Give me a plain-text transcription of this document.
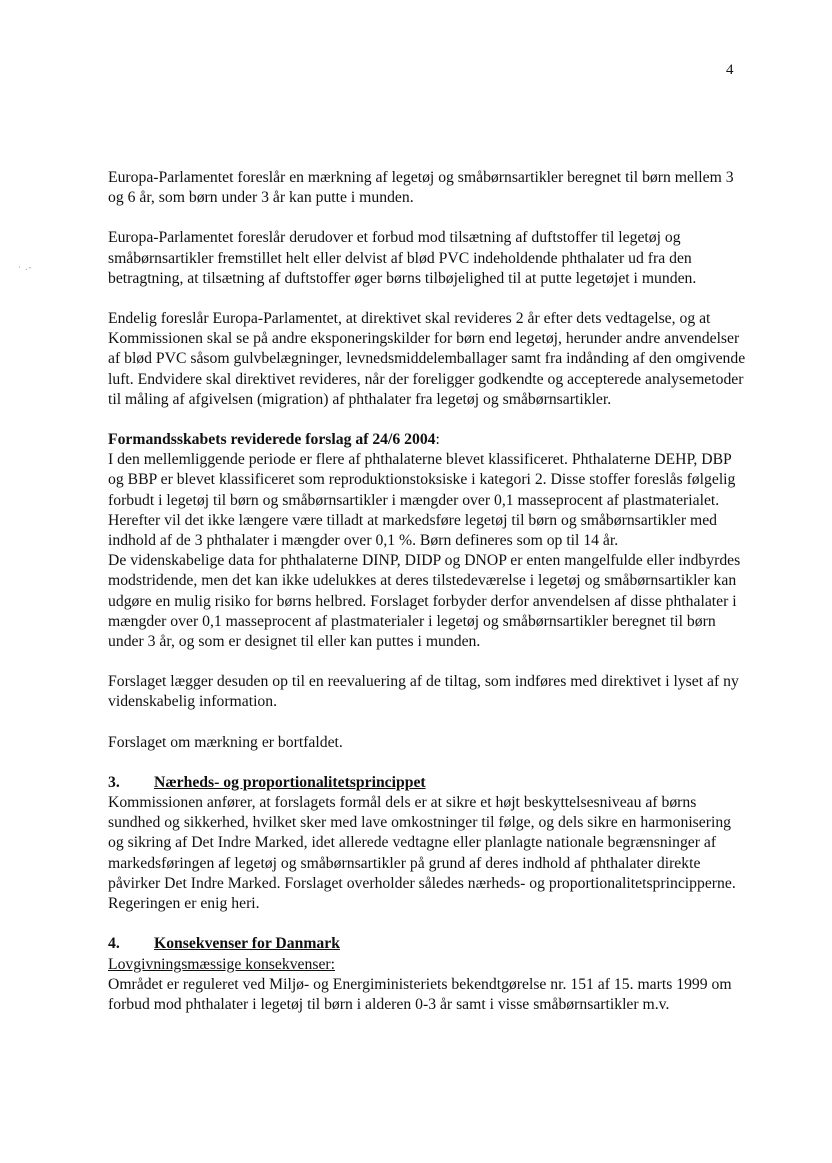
4
· .-

Europa-Parlamentet foreslår en mærkning af legetøj og småbørnsartikler beregnet til børn mellem 3 og 6 år, som børn under 3 år kan putte i munden.

Europa-Parlamentet foreslår derudover et forbud mod tilsætning af duftstoffer til legetøj og småbørnsartikler fremstillet helt eller delvist af blød PVC indeholdende phthalater ud fra den betragtning, at tilsætning af duftstoffer øger børns tilbøjelighed til at putte legetøjet i munden.

Endelig foreslår Europa-Parlamentet, at direktivet skal revideres 2 år efter dets vedtagelse, og at Kommissionen skal se på andre eksponeringskilder for børn end legetøj, herunder andre anvendelser af blød PVC såsom gulvbelægninger, levnedsmiddelemballager samt fra indånding af den omgivende luft. Endvidere skal direktivet revideres, når der foreligger godkendte og accepterede analysemetoder til måling af afgivelsen (migration) af phthalater fra legetøj og småbørnsartikler.

Formandsskabets reviderede forslag af 24/6 2004:
I den mellemliggende periode er flere af phthalaterne blevet klassificeret. Phthalaterne DEHP, DBP og BBP er blevet klassificeret som reproduktionstoksiske i kategori 2. Disse stoffer foreslås følgelig forbudt i legetøj til børn og småbørnsartikler i mængder over 0,1 masseprocent af plastmaterialet. Herefter vil det ikke længere være tilladt at markedsføre legetøj til børn og småbørnsartikler med indhold af de 3 phthalater i mængder over 0,1 %. Børn defineres som op til 14 år.

De videnskabelige data for phthalaterne DINP, DIDP og DNOP er enten mangelfulde eller indbyrdes modstridende, men det kan ikke udelukkes at deres tilstedeværelse i legetøj og småbørnsartikler kan udgøre en mulig risiko for børns helbred. Forslaget forbyder derfor anvendelsen af disse phthalater i mængder over 0,1 masseprocent af plastmaterialer i legetøj og småbørnsartikler beregnet til børn under 3 år, og som er designet til eller kan puttes i munden.

Forslaget lægger desuden op til en reevaluering af de tiltag, som indføres med direktivet i lyset af ny videnskabelig information.

Forslaget om mærkning er bortfaldet.

3. Nærheds- og proportionalitetsprincippet
Kommissionen anfører, at forslagets formål dels er at sikre et højt beskyttelsesniveau af børns sundhed og sikkerhed, hvilket sker med lave omkostninger til følge, og dels sikre en harmonisering og sikring af Det Indre Marked, idet allerede vedtagne eller planlagte nationale begrænsninger af markedsføringen af legetøj og småbørnsartikler på grund af deres indhold af phthalater direkte påvirker Det Indre Marked. Forslaget overholder således nærheds- og proportionalitetsprincipperne. Regeringen er enig heri.
4. Konsekvenser for Danmark
Lovgivningsmæssige konsekvenser:
Området er reguleret ved Miljø- og Energiministeriets bekendtgørelse nr. 151 af 15. marts 1999 om forbud mod phthalater i legetøj til børn i alderen 0-3 år samt i visse småbørnsartikler m.v.
